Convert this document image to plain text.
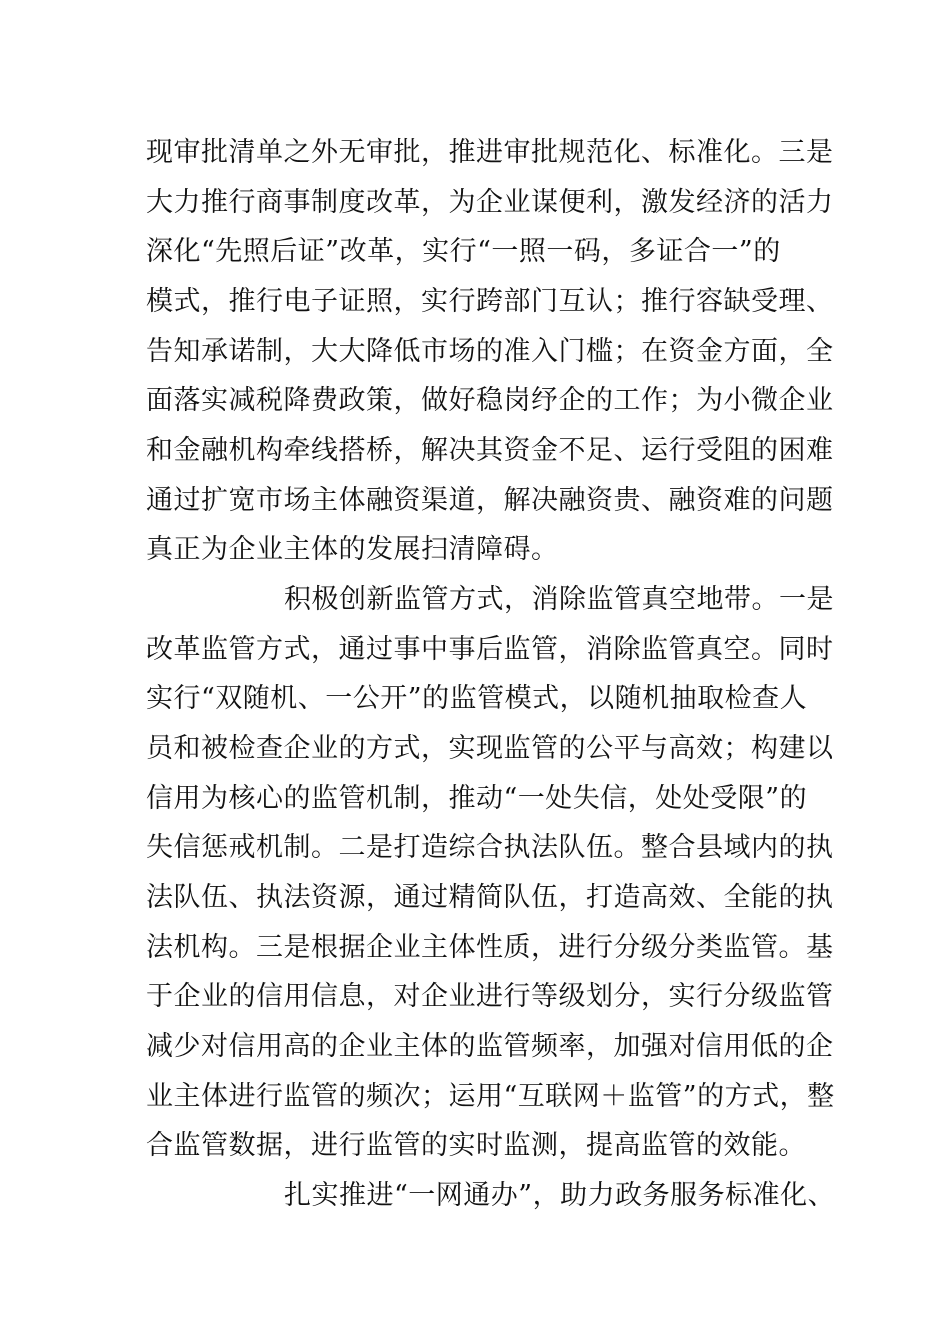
现审批清单之外无审批，推进审批规范化、标准化。三是
大力推行商事制度改革，为企业谋便利，激发经济的活力
深化“先照后证”改革，实行“一照一码，多证合一”的
模式，推行电子证照，实行跨部门互认；推行容缺受理、
告知承诺制，大大降低市场的准入门槛；在资金方面，全
面落实减税降费政策，做好稳岗纾企的工作；为小微企业
和金融机构牵线搭桥，解决其资金不足、运行受阻的困难
通过扩宽市场主体融资渠道，解决融资贵、融资难的问题
真正为企业主体的发展扫清障碍。
积极创新监管方式，消除监管真空地带。一是
改革监管方式，通过事中事后监管，消除监管真空。同时
实行“双随机、一公开”的监管模式，以随机抽取检查人
员和被检查企业的方式，实现监管的公平与高效；构建以
信用为核心的监管机制，推动“一处失信，处处受限”的
失信惩戒机制。二是打造综合执法队伍。整合县域内的执
法队伍、执法资源，通过精简队伍，打造高效、全能的执
法机构。三是根据企业主体性质，进行分级分类监管。基
于企业的信用信息，对企业进行等级划分，实行分级监管
减少对信用高的企业主体的监管频率，加强对信用低的企
业主体进行监管的频次；运用“互联网＋监管”的方式，整
合监管数据，进行监管的实时监测，提高监管的效能。
扎实推进“一网通办”，助力政务服务标准化、
